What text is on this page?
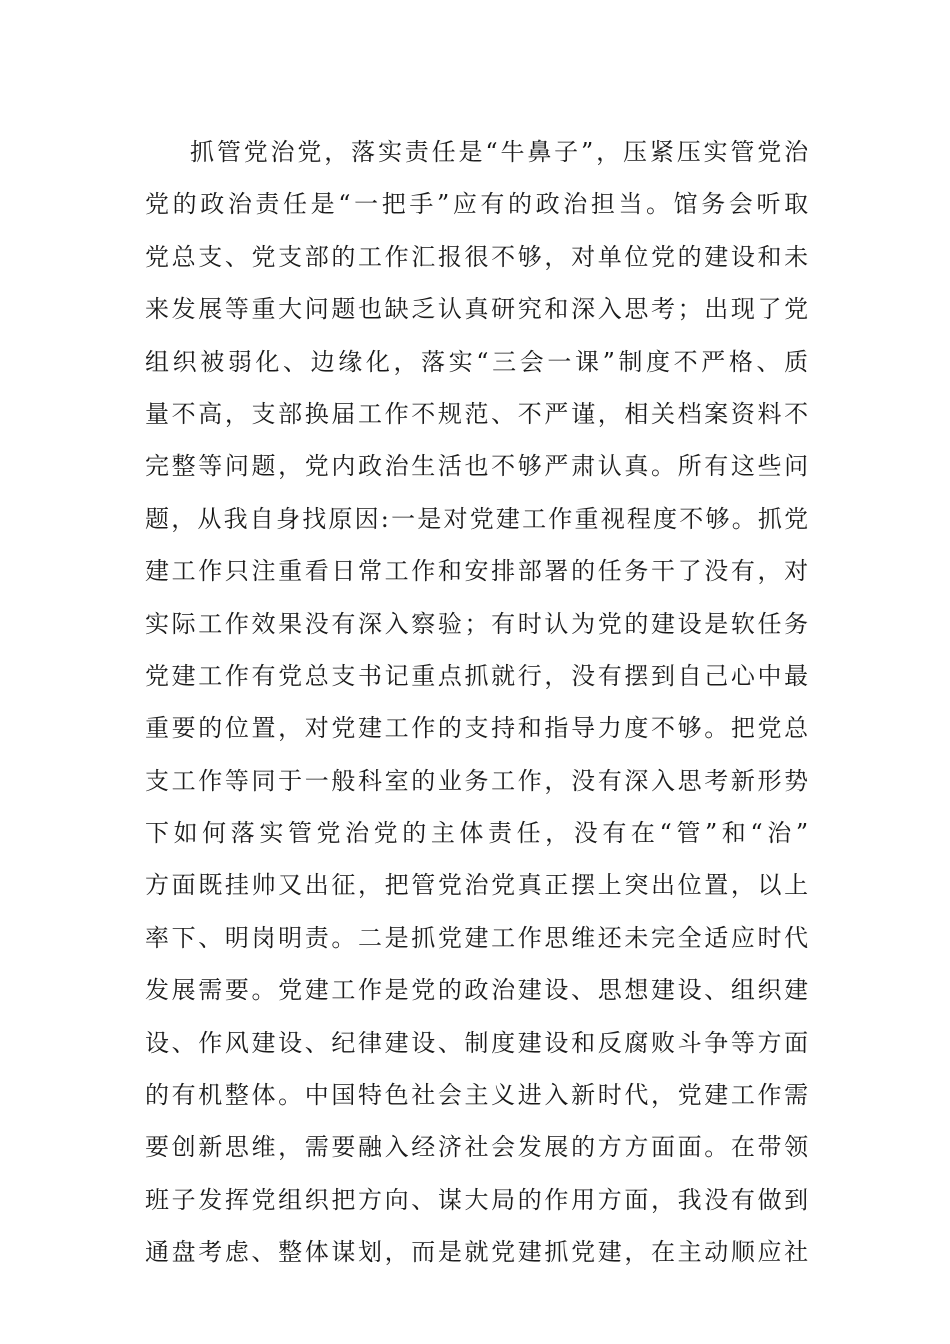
抓管党治党，落实责任是“牛鼻子”，压紧压实管党治
党的政治责任是“一把手”应有的政治担当。馆务会听取
党总支、党支部的工作汇报很不够，对单位党的建设和未
来发展等重大问题也缺乏认真研究和深入思考；出现了党
组织被弱化、边缘化，落实“三会一课”制度不严格、质
量不高，支部换届工作不规范、不严谨，相关档案资料不
完整等问题，党内政治生活也不够严肃认真。所有这些问
题，从我自身找原因:一是对党建工作重视程度不够。抓党
建工作只注重看日常工作和安排部署的任务干了没有，对
实际工作效果没有深入察验；有时认为党的建设是软任务
党建工作有党总支书记重点抓就行，没有摆到自己心中最
重要的位置，对党建工作的支持和指导力度不够。把党总
支工作等同于一般科室的业务工作，没有深入思考新形势
下如何落实管党治党的主体责任，没有在“管”和“治”
方面既挂帅又出征，把管党治党真正摆上突出位置，以上
率下、明岗明责。二是抓党建工作思维还未完全适应时代
发展需要。党建工作是党的政治建设、思想建设、组织建
设、作风建设、纪律建设、制度建设和反腐败斗争等方面
的有机整体。中国特色社会主义进入新时代，党建工作需
要创新思维，需要融入经济社会发展的方方面面。在带领
班子发挥党组织把方向、谋大局的作用方面，我没有做到
通盘考虑、整体谋划，而是就党建抓党建，在主动顺应社
